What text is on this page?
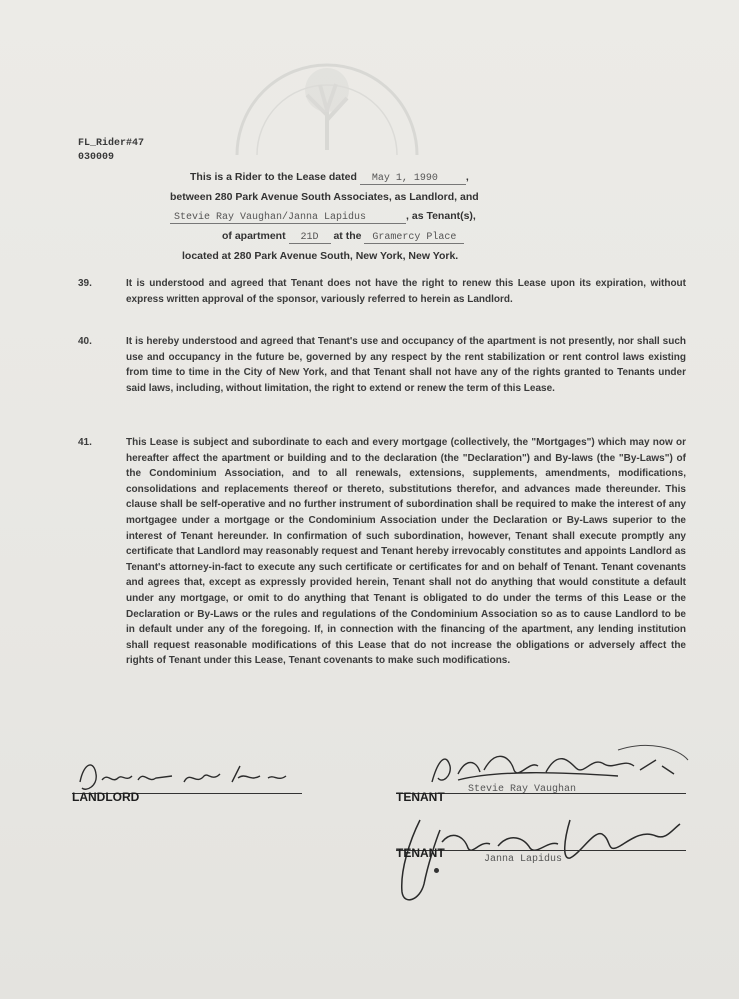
FL_Rider#47
030009
This is a Rider to the Lease dated May 1, 1990	,
between 280 Park Avenue South Associates, as Landlord, and
Stevie Ray Vaughan/Janna Lapidus	, as Tenant(s),
of apartment 21D at the Gramercy Place
located at 280 Park Avenue South, New York, New York.
39.	It is understood and agreed that Tenant does not have the right to renew this Lease upon its expiration, without express written approval of the sponsor, variously referred to herein as Landlord.
40.	It is hereby understood and agreed that Tenant's use and occupancy of the apartment is not presently, nor shall such use and occupancy in the future be, governed by any respect by the rent stabilization or rent control laws existing from time to time in the City of New York, and that Tenant shall not have any of the rights granted to Tenants under said laws, including, without limitation, the right to extend or renew the term of this Lease.
41.	This Lease is subject and subordinate to each and every mortgage (collectively, the "Mortgages") which may now or hereafter affect the apartment or building and to the declaration (the "Declaration") and By-laws (the "By-Laws") of the Condominium Association, and to all renewals, extensions, supplements, amendments, modifications, consolidations and replacements thereof or thereto, substitutions therefor, and advances made thereunder. This clause shall be self-operative and no further instrument of subordination shall be required to make the interest of any mortgagee under a mortgage or the Condominium Association under the Declaration or By-Laws superior to the interest of Tenant hereunder. In confirmation of such subordination, however, Tenant shall execute promptly any certificate that Landlord may reasonably request and Tenant hereby irrevocably constitutes and appoints Landlord as Tenant's attorney-in-fact to execute any such certificate or certificates for and on behalf of Tenant. Tenant covenants and agrees that, except as expressly provided herein, Tenant shall not do anything that would constitute a default under any mortgage, or omit to do anything that Tenant is obligated to do under the terms of this Lease or the Declaration or By-Laws or the rules and regulations of the Condominium Association so as to cause Landlord to be in default under any of the foregoing. If, in connection with the financing of the apartment, any lending institution shall request reasonable modifications of this Lease that do not increase the obligations or adversely affect the rights of Tenant under this Lease, Tenant covenants to make such modifications.
LANDLORD	TENANT
Stevie Ray Vaughan
TENANT	Janna Lapidus
